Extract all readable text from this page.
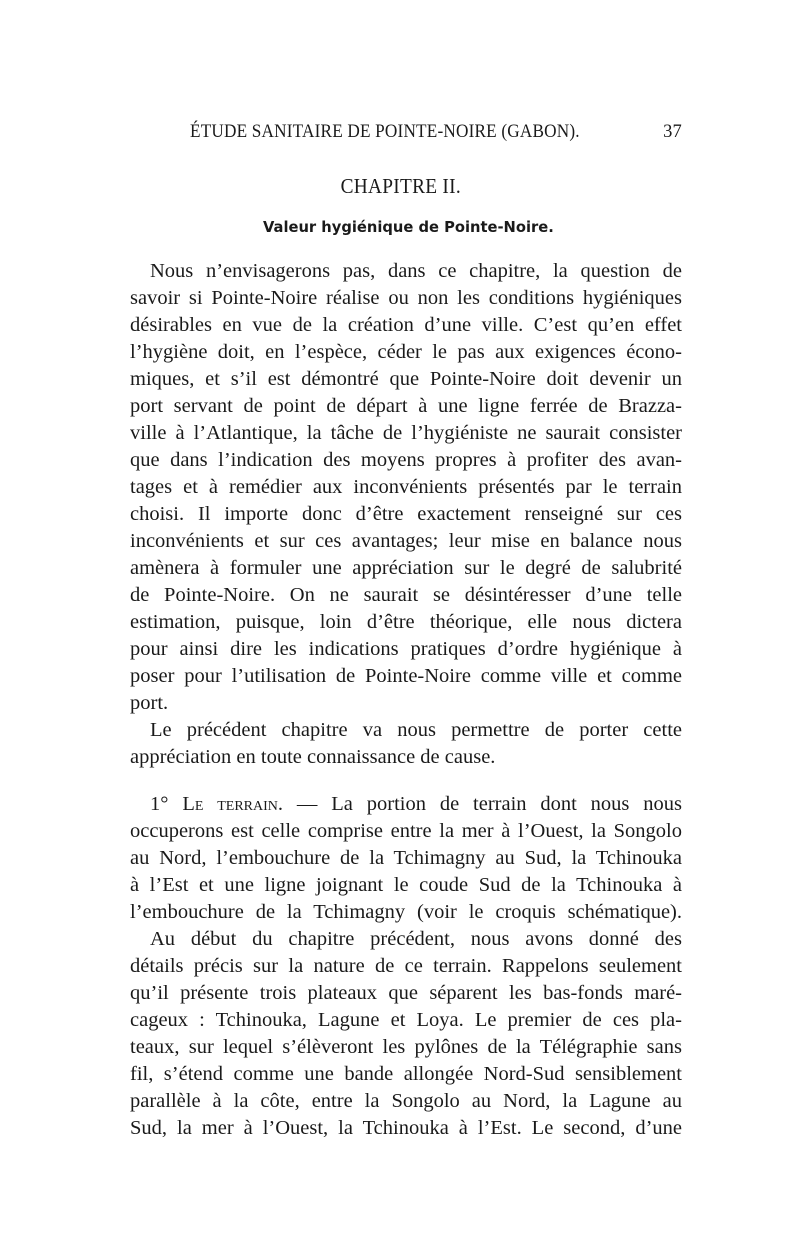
ÉTUDE SANITAIRE DE POINTE-NOIRE (GABON).	37
CHAPITRE II.
Valeur hygiénique de Pointe-Noire.
Nous n’envisagerons pas, dans ce chapitre, la question de
savoir si Pointe-Noire réalise ou non les conditions hygiéniques
désirables en vue de la création d’une ville. C’est qu’en effet
l’hygiène doit, en l’espèce, céder le pas aux exigences écono-
miques, et s’il est démontré que Pointe-Noire doit devenir un
port servant de point de départ à une ligne ferrée de Brazza-
ville à l’Atlantique, la tâche de l’hygiéniste ne saurait consister
que dans l’indication des moyens propres à profiter des avan-
tages et à remédier aux inconvénients présentés par le terrain
choisi. Il importe donc d’être exactement renseigné sur ces
inconvénients et sur ces avantages; leur mise en balance nous
amènera à formuler une appréciation sur le degré de salubrité
de Pointe-Noire. On ne saurait se désintéresser d’une telle
estimation, puisque, loin d’être théorique, elle nous dictera
pour ainsi dire les indications pratiques d’ordre hygiénique à
poser pour l’utilisation de Pointe-Noire comme ville et comme
port.
Le précédent chapitre va nous permettre de porter cette
appréciation en toute connaissance de cause.
1° Le terrain. — La portion de terrain dont nous nous
occuperons est celle comprise entre la mer à l’Ouest, la Songolo
au Nord, l’embouchure de la Tchimagny au Sud, la Tchinouka
à l’Est et une ligne joignant le coude Sud de la Tchinouka à
l’embouchure de la Tchimagny (voir le croquis schématique).
Au début du chapitre précédent, nous avons donné des
détails précis sur la nature de ce terrain. Rappelons seulement
qu’il présente trois plateaux que séparent les bas-fonds maré-
cageux : Tchinouka, Lagune et Loya. Le premier de ces pla-
teaux, sur lequel s’élèveront les pylônes de la Télégraphie sans
fil, s’étend comme une bande allongée Nord-Sud sensiblement
parallèle à la côte, entre la Songolo au Nord, la Lagune au
Sud, la mer à l’Ouest, la Tchinouka à l’Est. Le second, d’une
